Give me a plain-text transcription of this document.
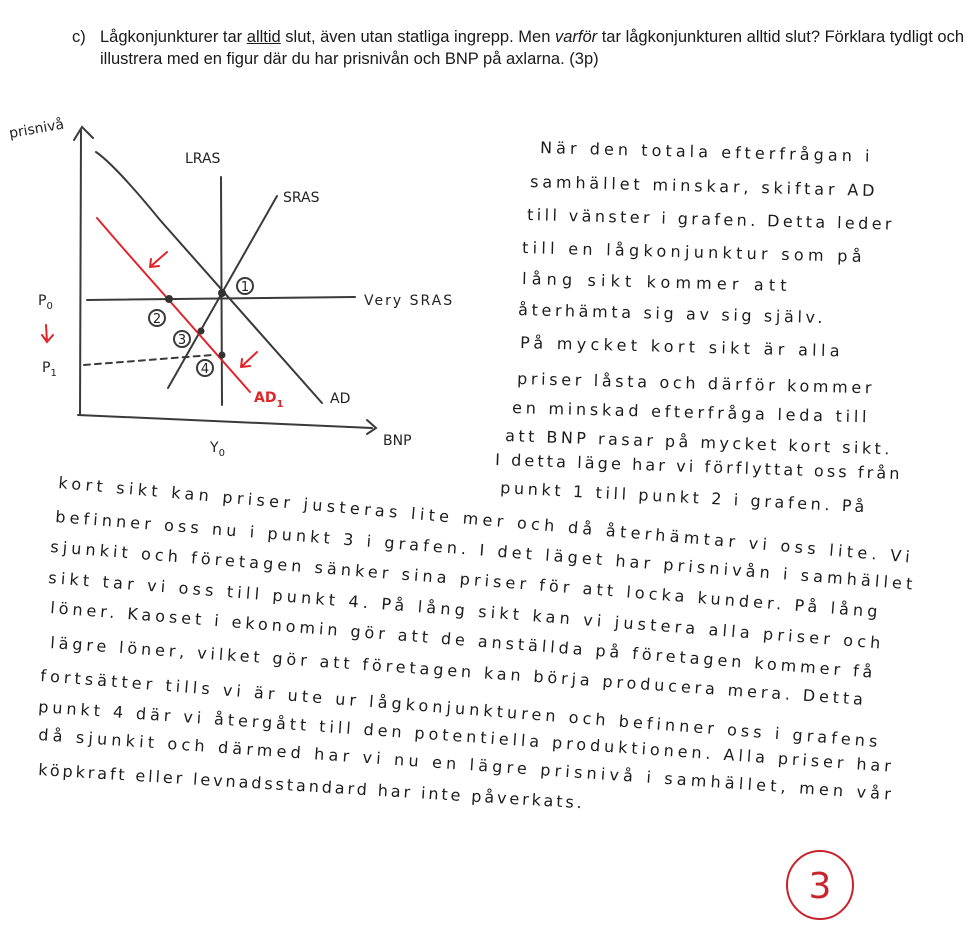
c) Lågkonjunkturer tar alltid slut, även utan statliga ingrepp. Men varför tar lågkonjunkturen alltid slut? Förklara tydligt och illustrera med en figur där du har prisnivån och BNP på axlarna. (3p)
1
2
3
4
prisnivå
BNP
LRAS
SRAS
Very SRAS
AD
$AD_1$
$P_0$
$P_1$
$Y_0$
När den totala efterfrågan i
samhället minskar, skiftar AD
till vänster i grafen. Detta leder
till en lågkonjunktur som på
lång sikt kommer att
återhämta sig av sig själv.
På mycket kort sikt är alla
priser låsta och därför kommer
en minskad efterfråga leda till
att BNP rasar på mycket kort sikt.
I detta läge har vi förflyttat oss från
punkt 1 till punkt 2 i grafen. På
kort sikt kan priser justeras lite mer och då återhämtar vi oss lite. Vi
befinner oss nu i punkt 3 i grafen. I det läget har prisnivån i samhället
sjunkit och företagen sänker sina priser för att locka kunder. På lång
sikt tar vi oss till punkt 4. På lång sikt kan vi justera alla priser och
löner. Kaoset i ekonomin gör att de anställda på företagen kommer få
lägre löner, vilket gör att företagen kan börja producera mera. Detta
fortsätter tills vi är ute ur lågkonjunkturen och befinner oss i grafens
punkt 4 där vi återgått till den potentiella produktionen. Alla priser har
då sjunkit och därmed har vi nu en lägre prisnivå i samhället, men vår
köpkraft eller levnadsstandard har inte påverkats.
3
